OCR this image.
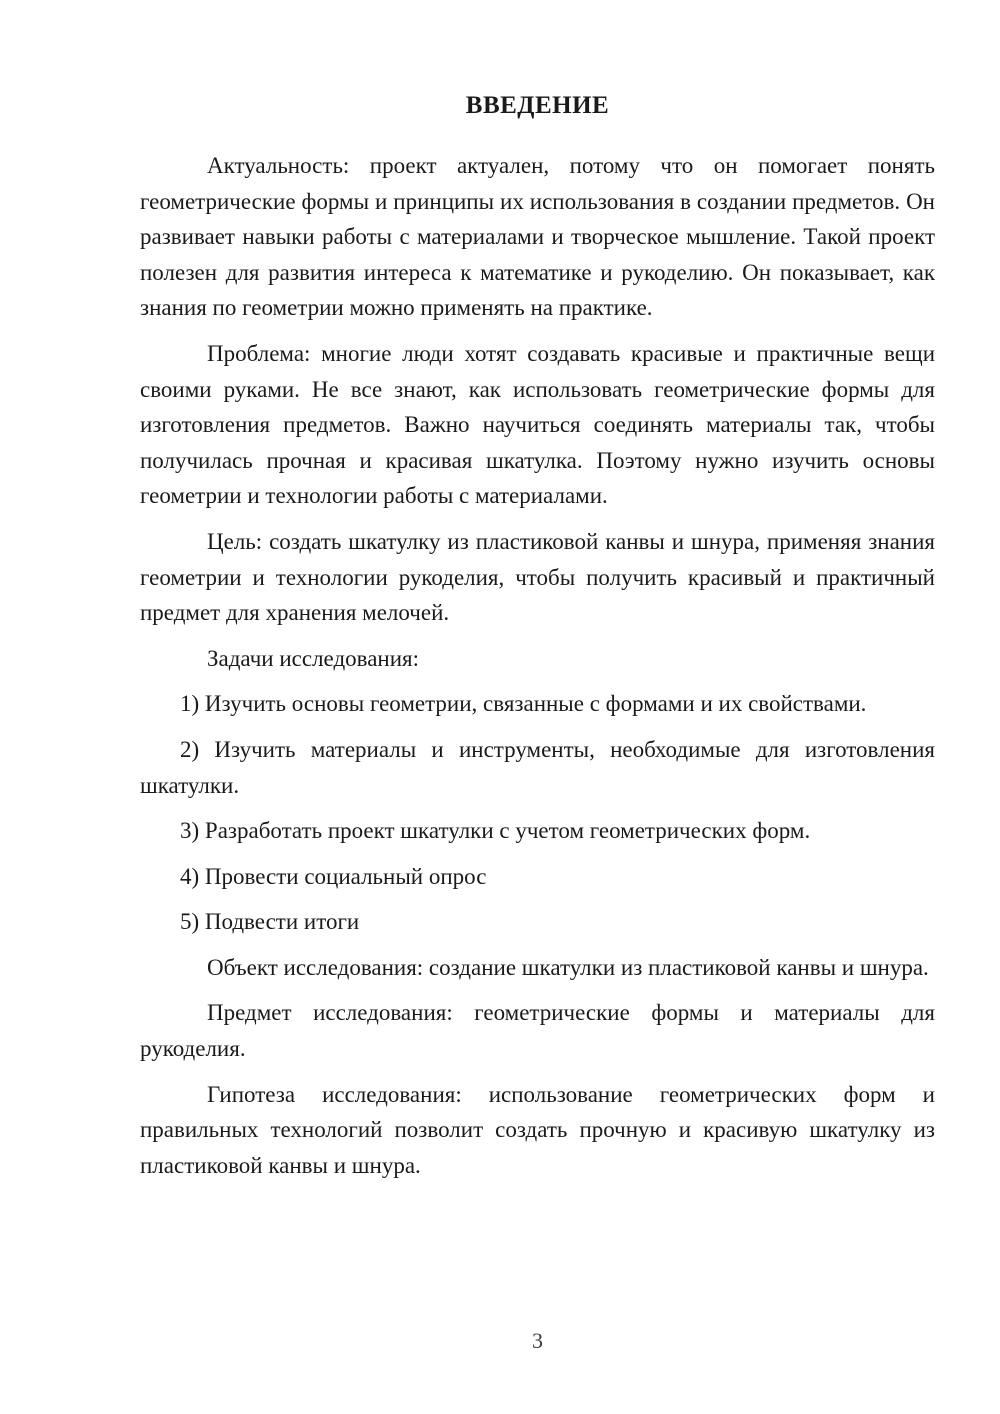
ВВЕДЕНИЕ

Актуальность: проект актуален, потому что он помогает понять геометрические формы и принципы их использования в создании предметов. Он развивает навыки работы с материалами и творческое мышление. Такой проект полезен для развития интереса к математике и рукоделию. Он показывает, как знания по геометрии можно применять на практике.

Проблема: многие люди хотят создавать красивые и практичные вещи своими руками. Не все знают, как использовать геометрические формы для изготовления предметов. Важно научиться соединять материалы так, чтобы получилась прочная и красивая шкатулка. Поэтому нужно изучить основы геометрии и технологии работы с материалами.

Цель: создать шкатулку из пластиковой канвы и шнура, применяя знания геометрии и технологии рукоделия, чтобы получить красивый и практичный предмет для хранения мелочей.

Задачи исследования:

1) Изучить основы геометрии, связанные с формами и их свойствами.

2) Изучить материалы и инструменты, необходимые для изготовления шкатулки.

3) Разработать проект шкатулки с учетом геометрических форм.

4) Провести социальный опрос

5) Подвести итоги

Объект исследования: создание шкатулки из пластиковой канвы и шнура.

Предмет исследования: геометрические формы и материалы для рукоделия.

Гипотеза исследования: использование геометрических форм и правильных технологий позволит создать прочную и красивую шкатулку из пластиковой канвы и шнура.

3
